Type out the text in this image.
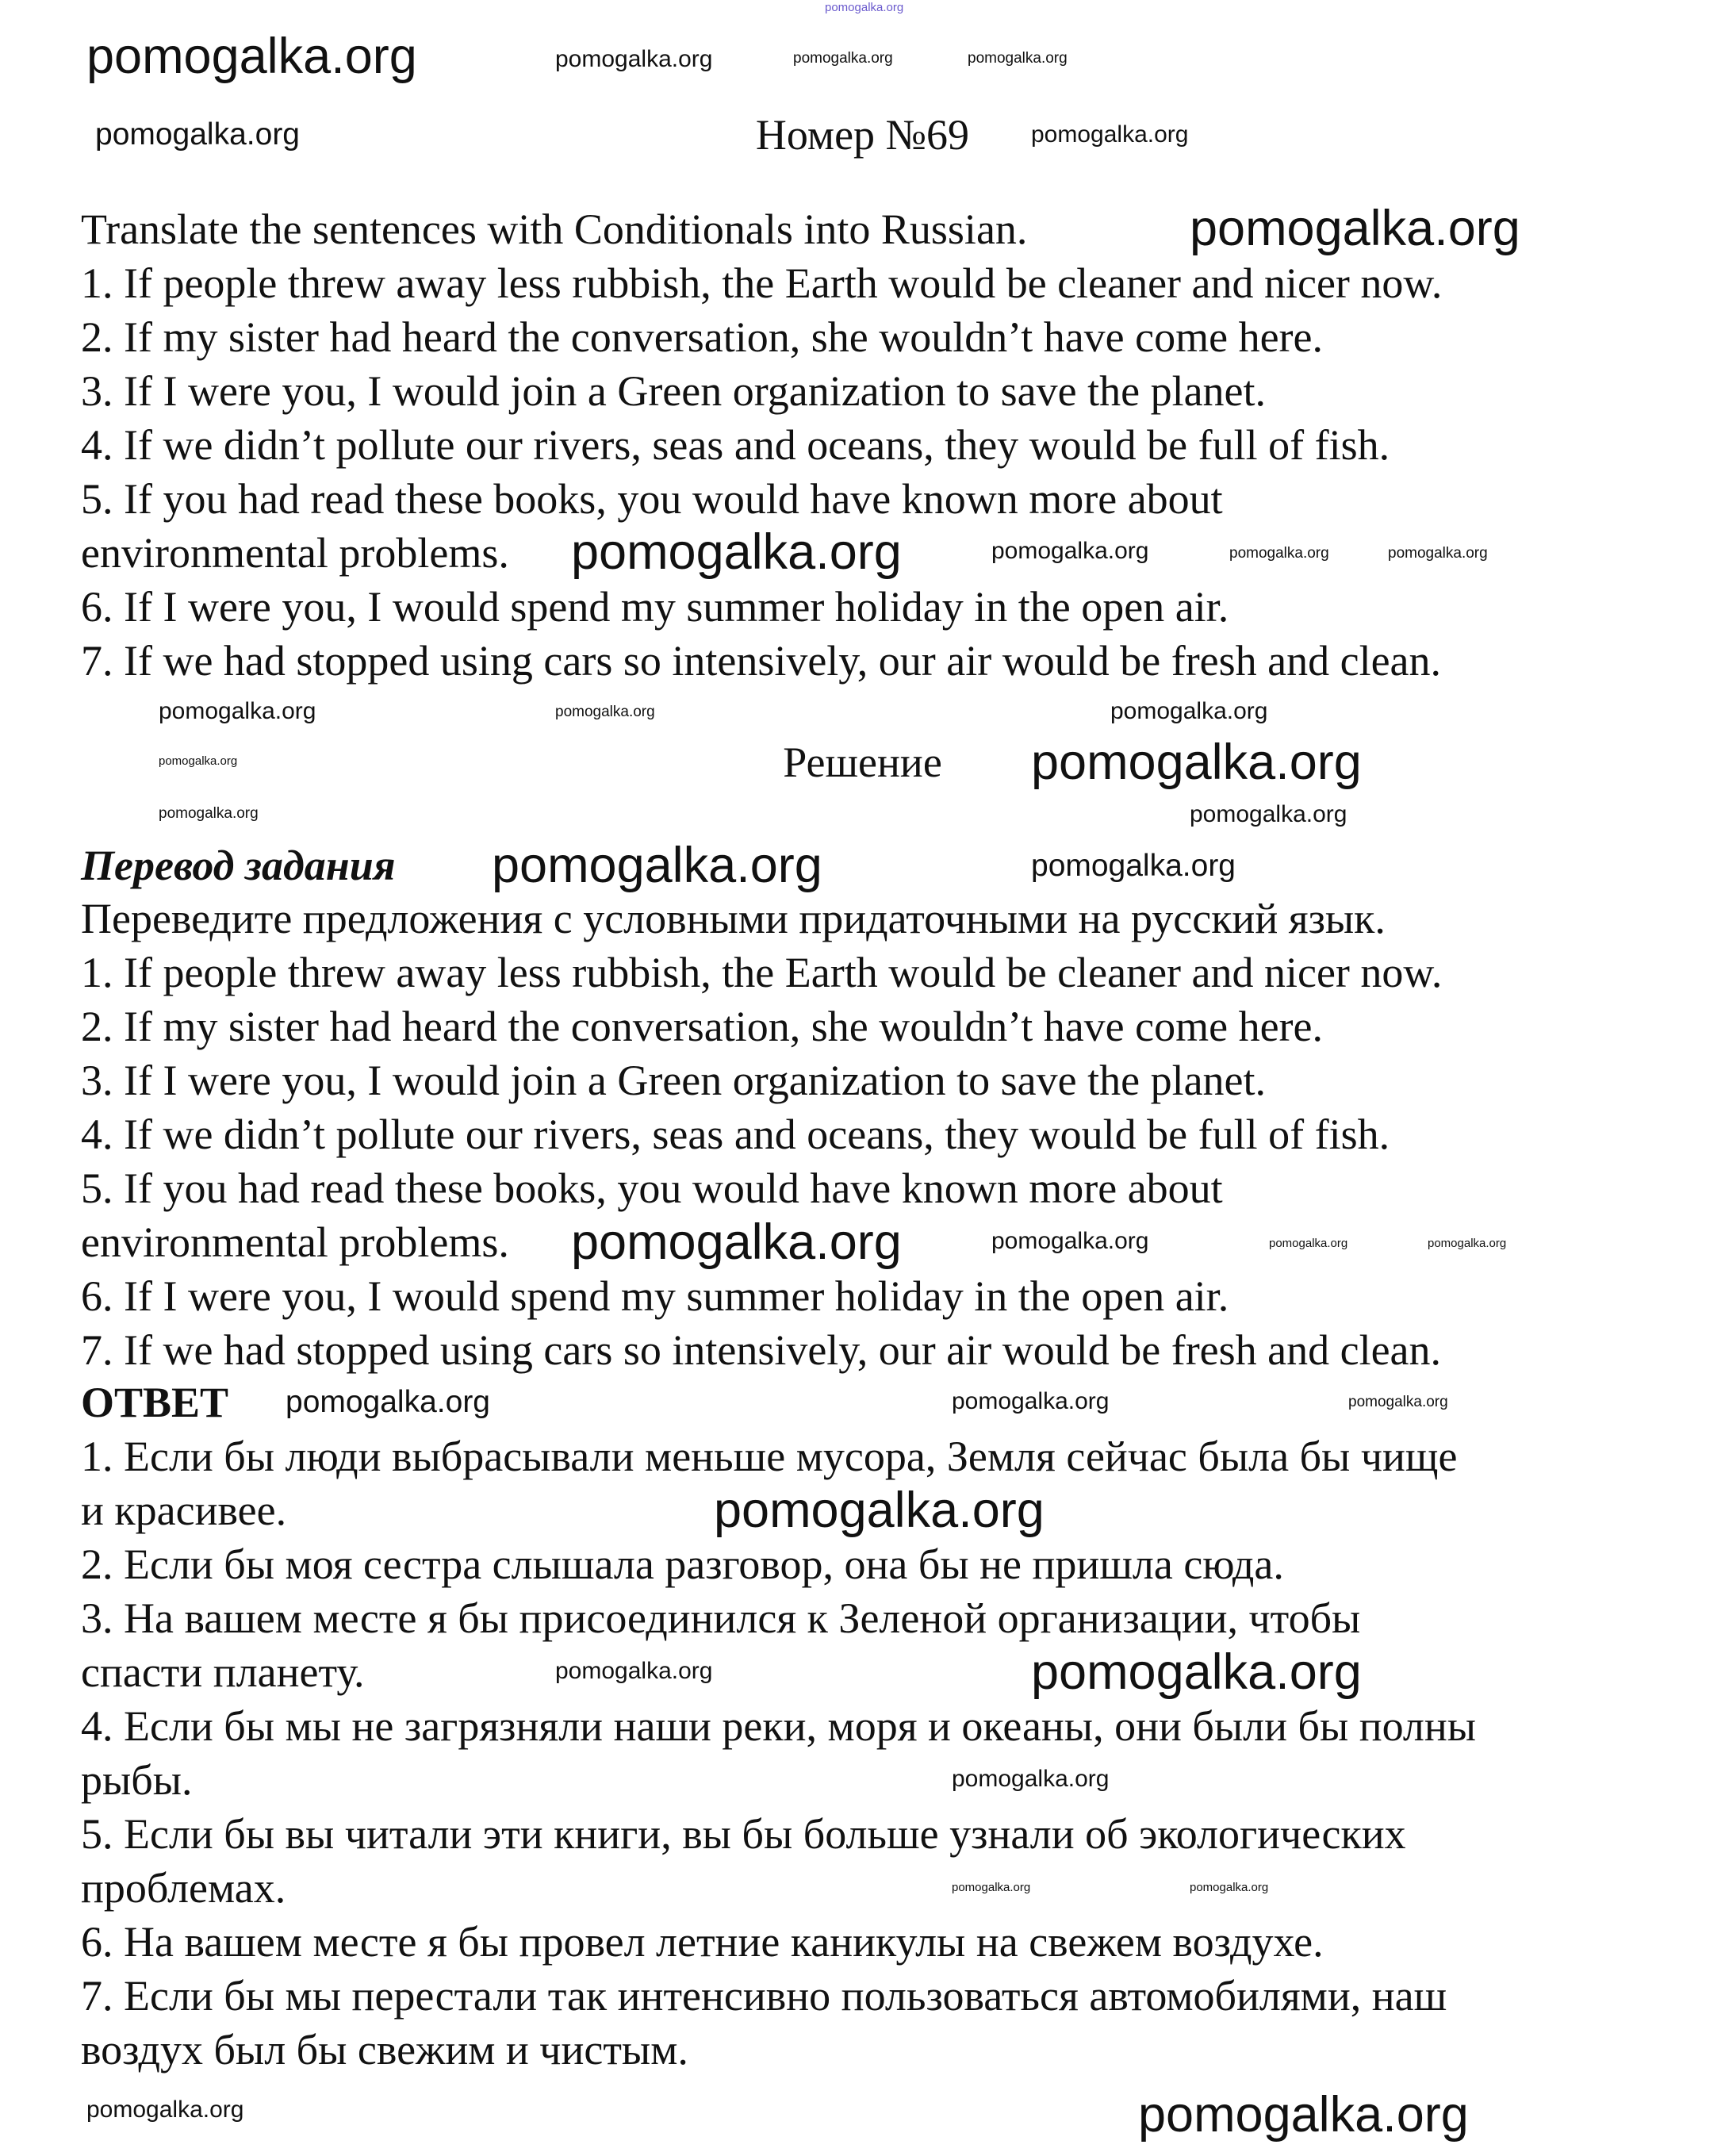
Номер №69
Translate the sentences with Conditionals into Russian.
1. If people threw away less rubbish, the Earth would be cleaner and nicer now.
2. If my sister had heard the conversation, she wouldn’t have come here.
3. If I were you, I would join a Green organization to save the planet.
4. If we didn’t pollute our rivers, seas and oceans, they would be full of fish.
5. If you had read these books, you would have known more about
environmental problems.
6. If I were you, I would spend my summer holiday in the open air.
7. If we had stopped using cars so intensively, our air would be fresh and clean.
Решение
Перевод задания
Переведите предложения с условными придаточными на русский язык.
1. If people threw away less rubbish, the Earth would be cleaner and nicer now.
2. If my sister had heard the conversation, she wouldn’t have come here.
3. If I were you, I would join a Green organization to save the planet.
4. If we didn’t pollute our rivers, seas and oceans, they would be full of fish.
5. If you had read these books, you would have known more about
environmental problems.
6. If I were you, I would spend my summer holiday in the open air.
7. If we had stopped using cars so intensively, our air would be fresh and clean.
ОТВЕТ
1. Если бы люди выбрасывали меньше мусора, Земля сейчас была бы чище
и красивее.
2. Если бы моя сестра слышала разговор, она бы не пришла сюда.
3. На вашем месте я бы присоединился к Зеленой организации, чтобы
спасти планету.
4. Если бы мы не загрязняли наши реки, моря и океаны, они были бы полны
рыбы.
5. Если бы вы читали эти книги, вы бы больше узнали об экологических
проблемах.
6. На вашем месте я бы провел летние каникулы на свежем воздухе.
7. Если бы мы перестали так интенсивно пользоваться автомобилями, наш
воздух был бы свежим и чистым.
pomogalka.org
pomogalka.org	pomogalka.org	pomogalka.org	pomogalka.org
pomogalka.org	pomogalka.org
pomogalka.org
pomogalka.org	pomogalka.org	pomogalka.org	pomogalka.org
pomogalka.org	pomogalka.org	pomogalka.org
pomogalka.org	pomogalka.org
pomogalka.org	pomogalka.org
pomogalka.org	pomogalka.org
pomogalka.org	pomogalka.org	pomogalka.org	pomogalka.org
pomogalka.org	pomogalka.org	pomogalka.org
pomogalka.org
pomogalka.org	pomogalka.org
pomogalka.org
pomogalka.org	pomogalka.org
pomogalka.org	pomogalka.org
